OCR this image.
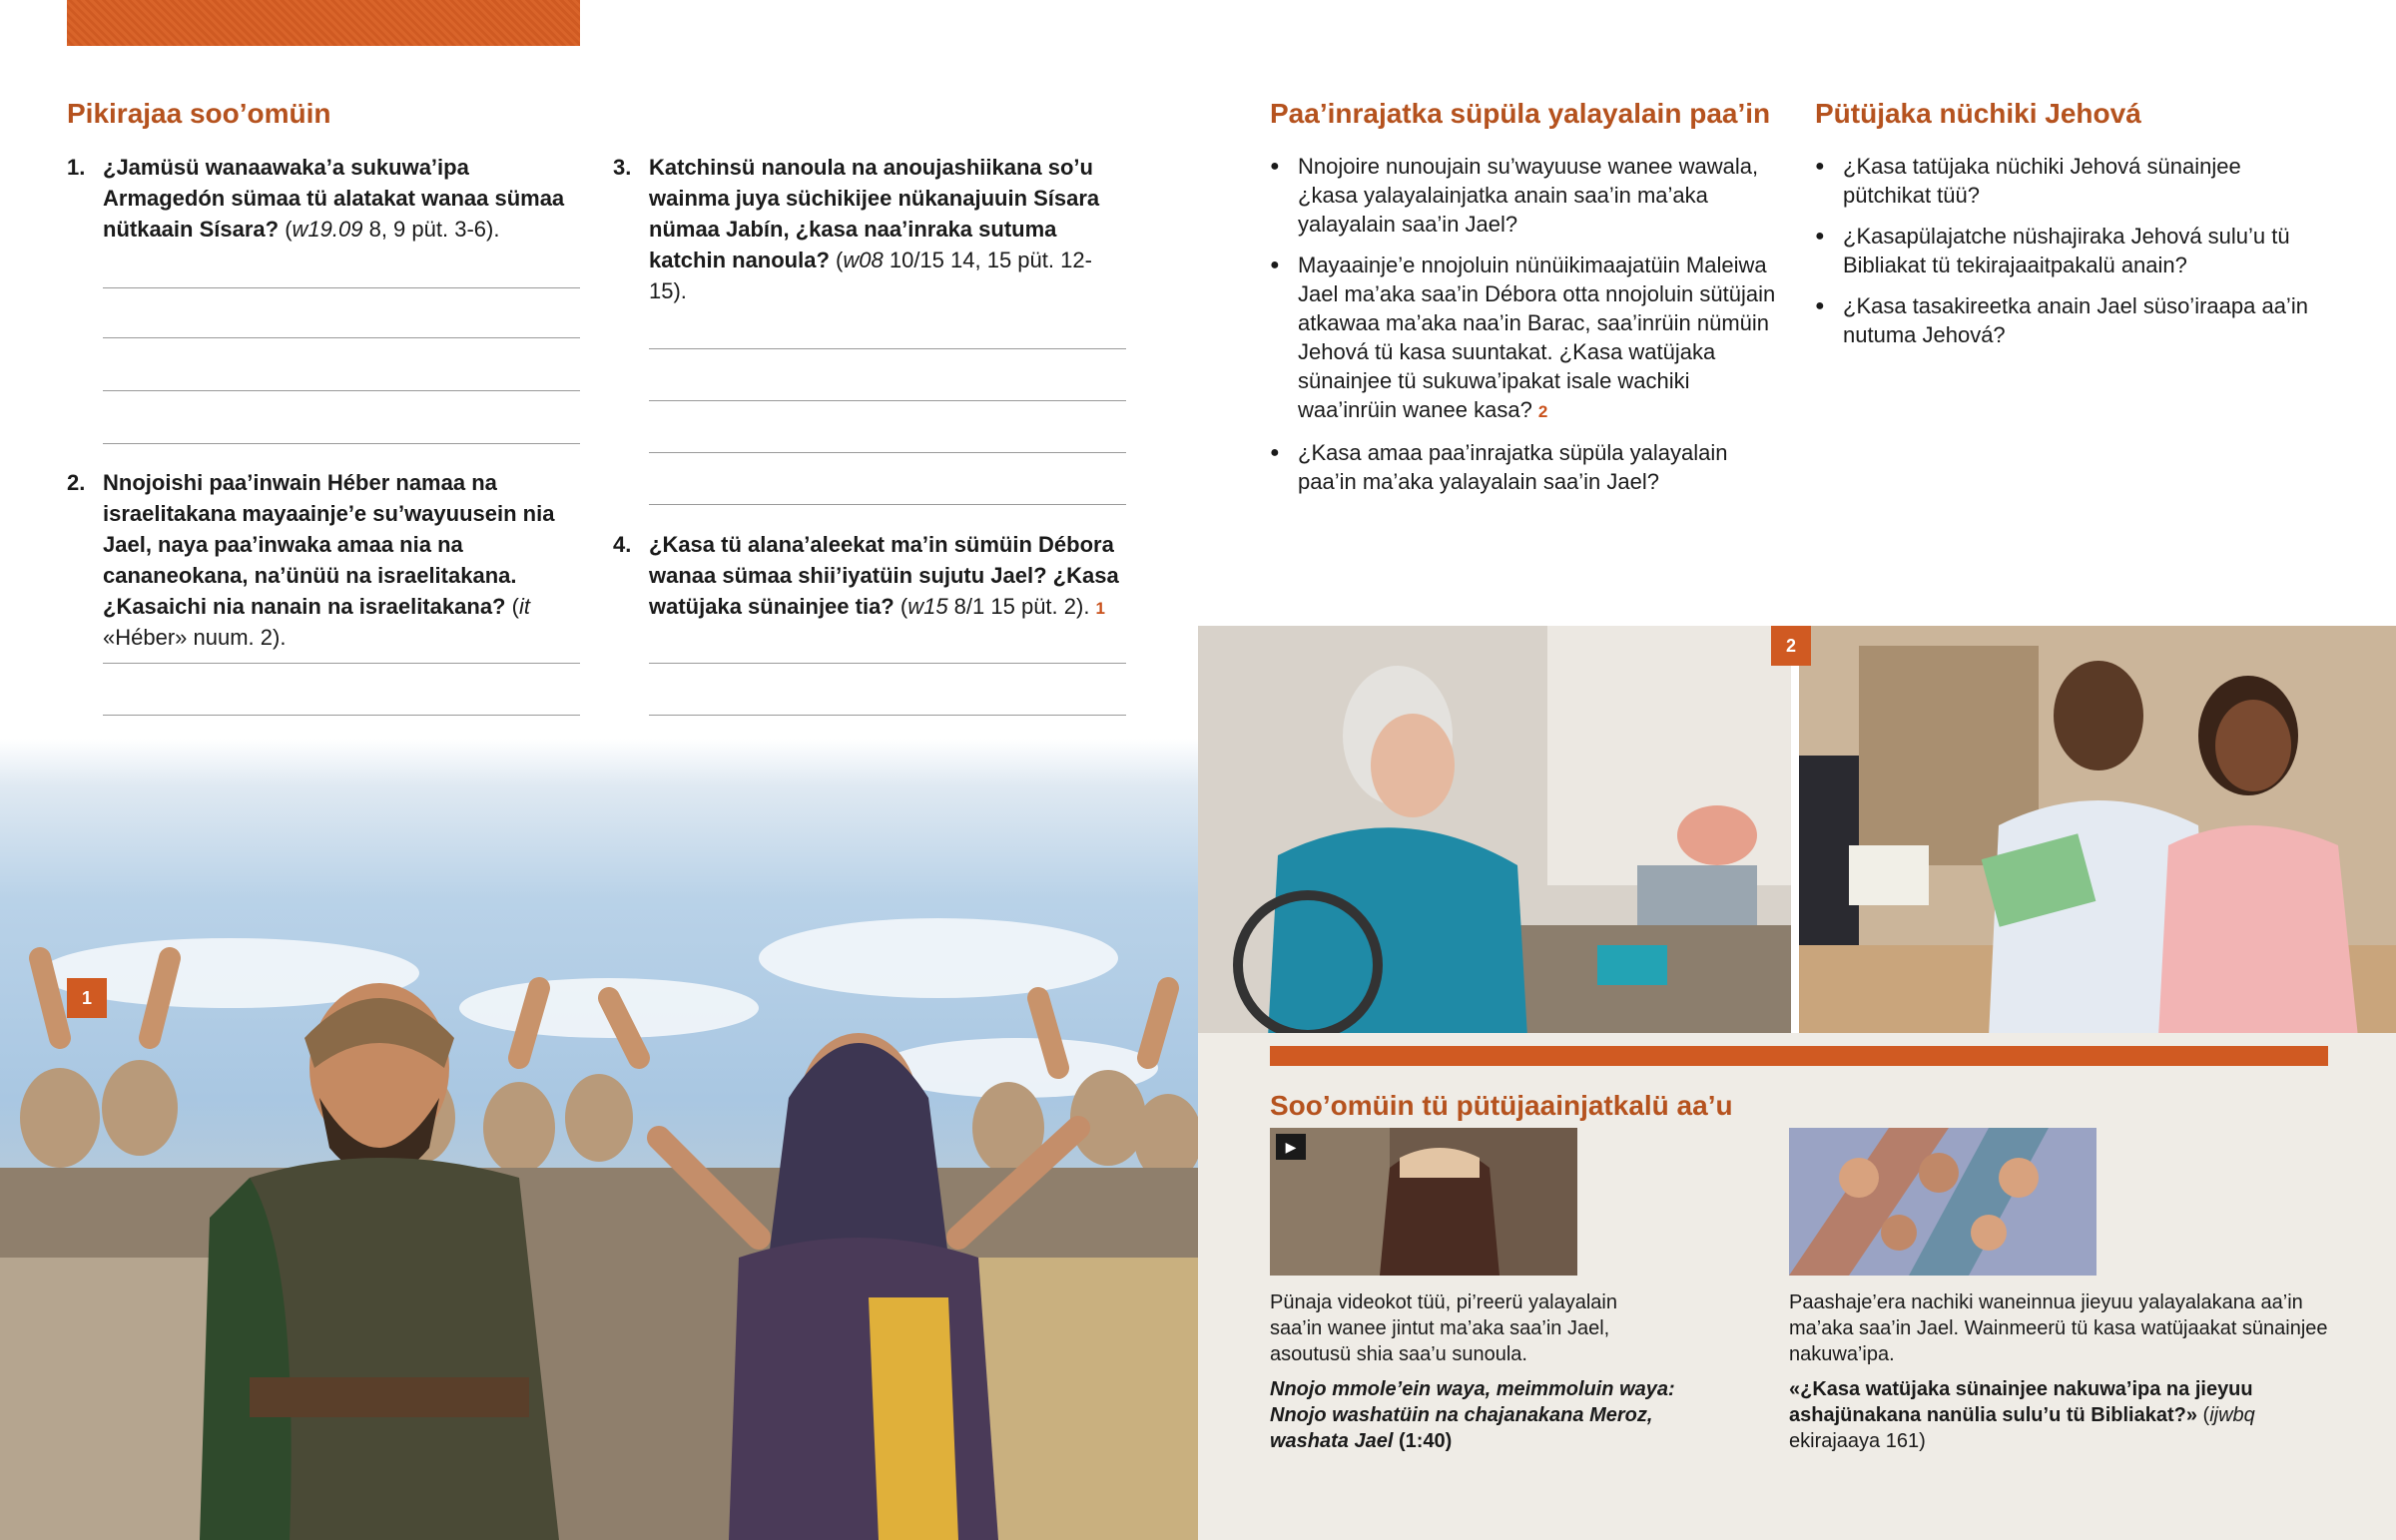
Pikirajaa soo’omüin
1. ¿Jamüsü wanaawaka’a sukuwa’ipa Armagedón sümaa tü alatakat wanaa sümaa nütkaain Sísara? (w19.09 8, 9 püt. 3-6).
2. Nnojoishi paa’inwain Héber namaa na israelitakana mayaainje’e su’wayuusein nia Jael, naya paa’inwaka amaa nia na cananeokana, na’ünüü na israelitakana. ¿Kasaichi nia nanain na israelitakana? (it «Héber» nuum. 2).
3. Katchinsü nanoula na anoujashiikana so’u wainma juya süchikijee nükanajuuin Sísara nümaa Jabín, ¿kasa naa’inraka sutuma katchin nanoula? (w08 10/15 14, 15 püt. 12-15).
4. ¿Kasa tü alana’aleekat ma’in sümüin Débora wanaa sümaa shii’iyatüin sujutu Jael? ¿Kasa watüjaka sünainjee tia? (w15 8/1 15 püt. 2). 1
1
Paa’inrajatka süpüla yalayalain paa’in
● Nnojoire nunoujain su’wayuuse wanee wawala, ¿kasa yalayalainjatka anain saa’in ma’aka yalayalain saa’in Jael?
● Mayaainje’e nnojoluin nünüikimaajatüin Maleiwa Jael ma’aka saa’in Débora otta nnojoluin sütüjain atkawaa ma’aka naa’in Barac, saa’inrüin nümüin Jehová tü kasa suuntakat. ¿Kasa watüjaka sünainjee tü sukuwa’ipakat isale wachiki waa’inrüin wanee kasa? 2
● ¿Kasa amaa paa’inrajatka süpüla yalayalain paa’in ma’aka yalayalain saa’in Jael?
Pütüjaka nüchiki Jehová
● ¿Kasa tatüjaka nüchiki Jehová sünainjee pütchikat tüü?
● ¿Kasapülajatche nüshajiraka Jehová sulu’u tü Bibliakat tü tekirajaaitpakalü anain?
● ¿Kasa tasakireetka anain Jael süso’iraapa aa’in nutuma Jehová?
2
Soo’omüin tü pütüjaainjatkalü aa’u
▶
Pünaja videokot tüü, pi’reerü yalayalain saa’in wanee jintut ma’aka saa’in Jael, asoutusü shia saa’u sunoula.
Nnojo mmole’ein waya, meimmoluin waya: Nnojo washatüin na chajanakana Meroz, washata Jael (1:40)
Paashaje’era nachiki waneinnua jieyuu yalayalakana aa’in ma’aka saa’in Jael. Wainmeerü tü kasa watüjaakat sünainjee nakuwa’ipa.
«¿Kasa watüjaka sünainjee nakuwa’ipa na jieyuu ashajünakana nanülia sulu’u tü Bibliakat?» (ijwbq ekirajaaya 161)
